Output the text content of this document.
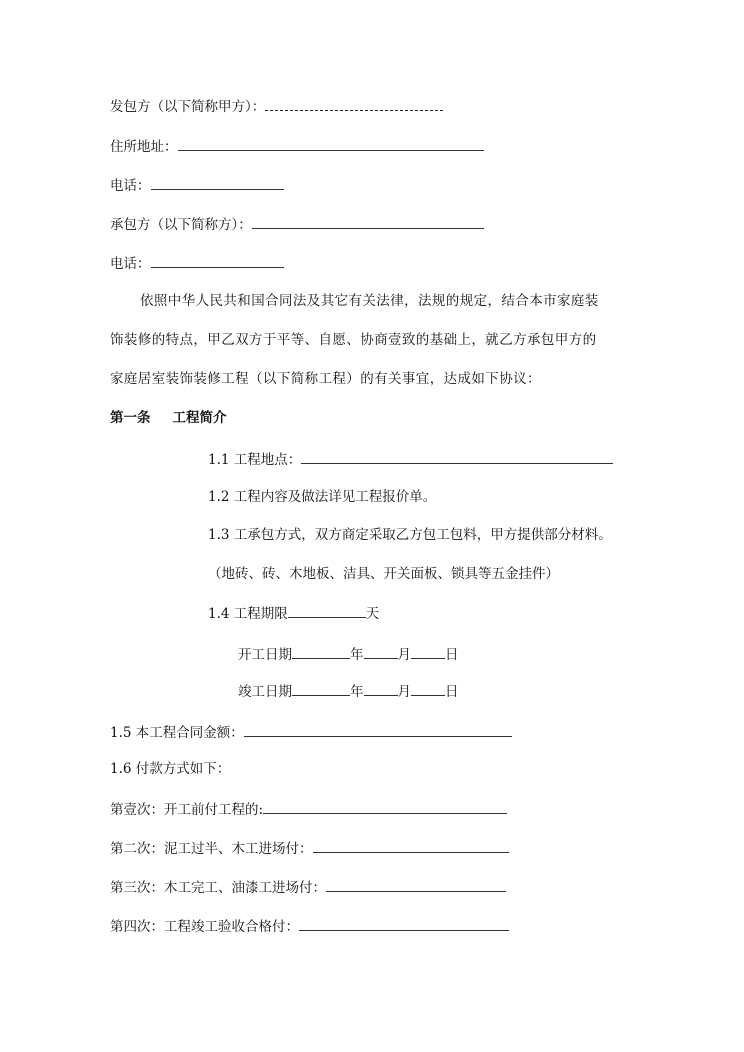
发包方（以下简称甲方）：
住所地址：
电话：
承包方（以下简称方）：
电话：
依照中华人民共和国合同法及其它有关法律，法规的规定，结合本市家庭装
饰装修的特点，甲乙双方于平等、自愿、协商壹致的基础上，就乙方承包甲方的
家庭居室装饰装修工程（以下简称工程）的有关事宜，达成如下协议：
第一条 工程简介
1.1 工程地点：
1.2 工程内容及做法详见工程报价单。
1.3 工承包方式，双方商定采取乙方包工包料，甲方提供部分材料。
（地砖、砖、木地板、洁具、开关面板、锁具等五金挂件）
1.4 工程期限	天
开工日期	年	月	日
竣工日期	年	月	日
1.5 本工程合同金额：
1.6 付款方式如下：
第壹次：开工前付工程的:
第二次：泥工过半、木工进场付：
第三次：木工完工、油漆工进场付：
第四次：工程竣工验收合格付：
